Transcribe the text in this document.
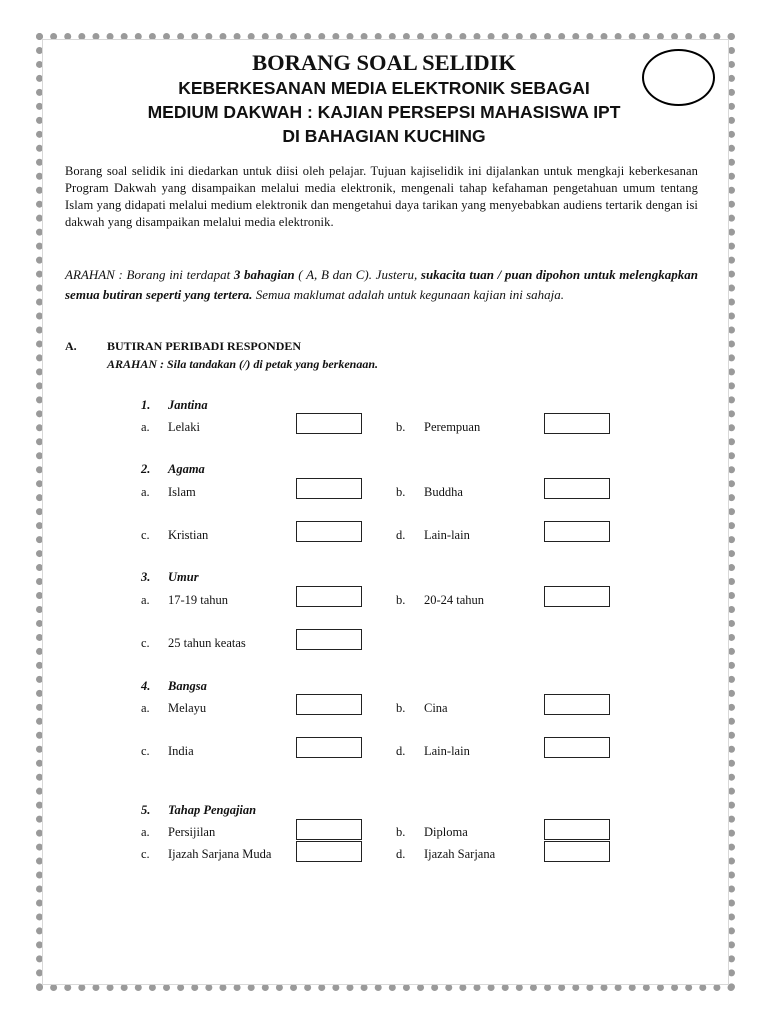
BORANG SOAL SELIDIK
KEBERKESANAN MEDIA ELEKTRONIK SEBAGAI
MEDIUM DAKWAH : KAJIAN PERSEPSI MAHASISWA IPT
DI BAHAGIAN KUCHING

Borang soal selidik ini diedarkan untuk diisi oleh pelajar. Tujuan kajiselidik ini dijalankan untuk mengkaji keberkesanan Program Dakwah yang disampaikan melalui media elektronik, mengenali tahap kefahaman pengetahuan umum tentang Islam yang didapati melalui medium elektronik dan mengetahui daya tarikan yang menyebabkan audiens tertarik dengan isi dakwah yang disampaikan melalui media elektronik.

ARAHAN : Borang ini terdapat 3 bahagian ( A, B dan C). Justeru, sukacita tuan / puan dipohon untuk melengkapkan semua butiran seperti yang tertera. Semua maklumat adalah untuk kegunaan kajian ini sahaja.

A.	BUTIRAN PERIBADI RESPONDEN
ARAHAN : Sila tandakan (/) di petak yang berkenaan.
1. Jantina
a. Lelaki	b. Perempuan
2. Agama
a. Islam	b. Buddha
c. Kristian	d. Lain-lain
3. Umur
a. 17-19 tahun	b. 20-24 tahun
c. 25 tahun keatas
4. Bangsa
a. Melayu	b. Cina
c. India	d. Lain-lain
5. Tahap Pengajian
a. Persijilan	b. Diploma
c. Ijazah Sarjana Muda	d. Ijazah Sarjana
